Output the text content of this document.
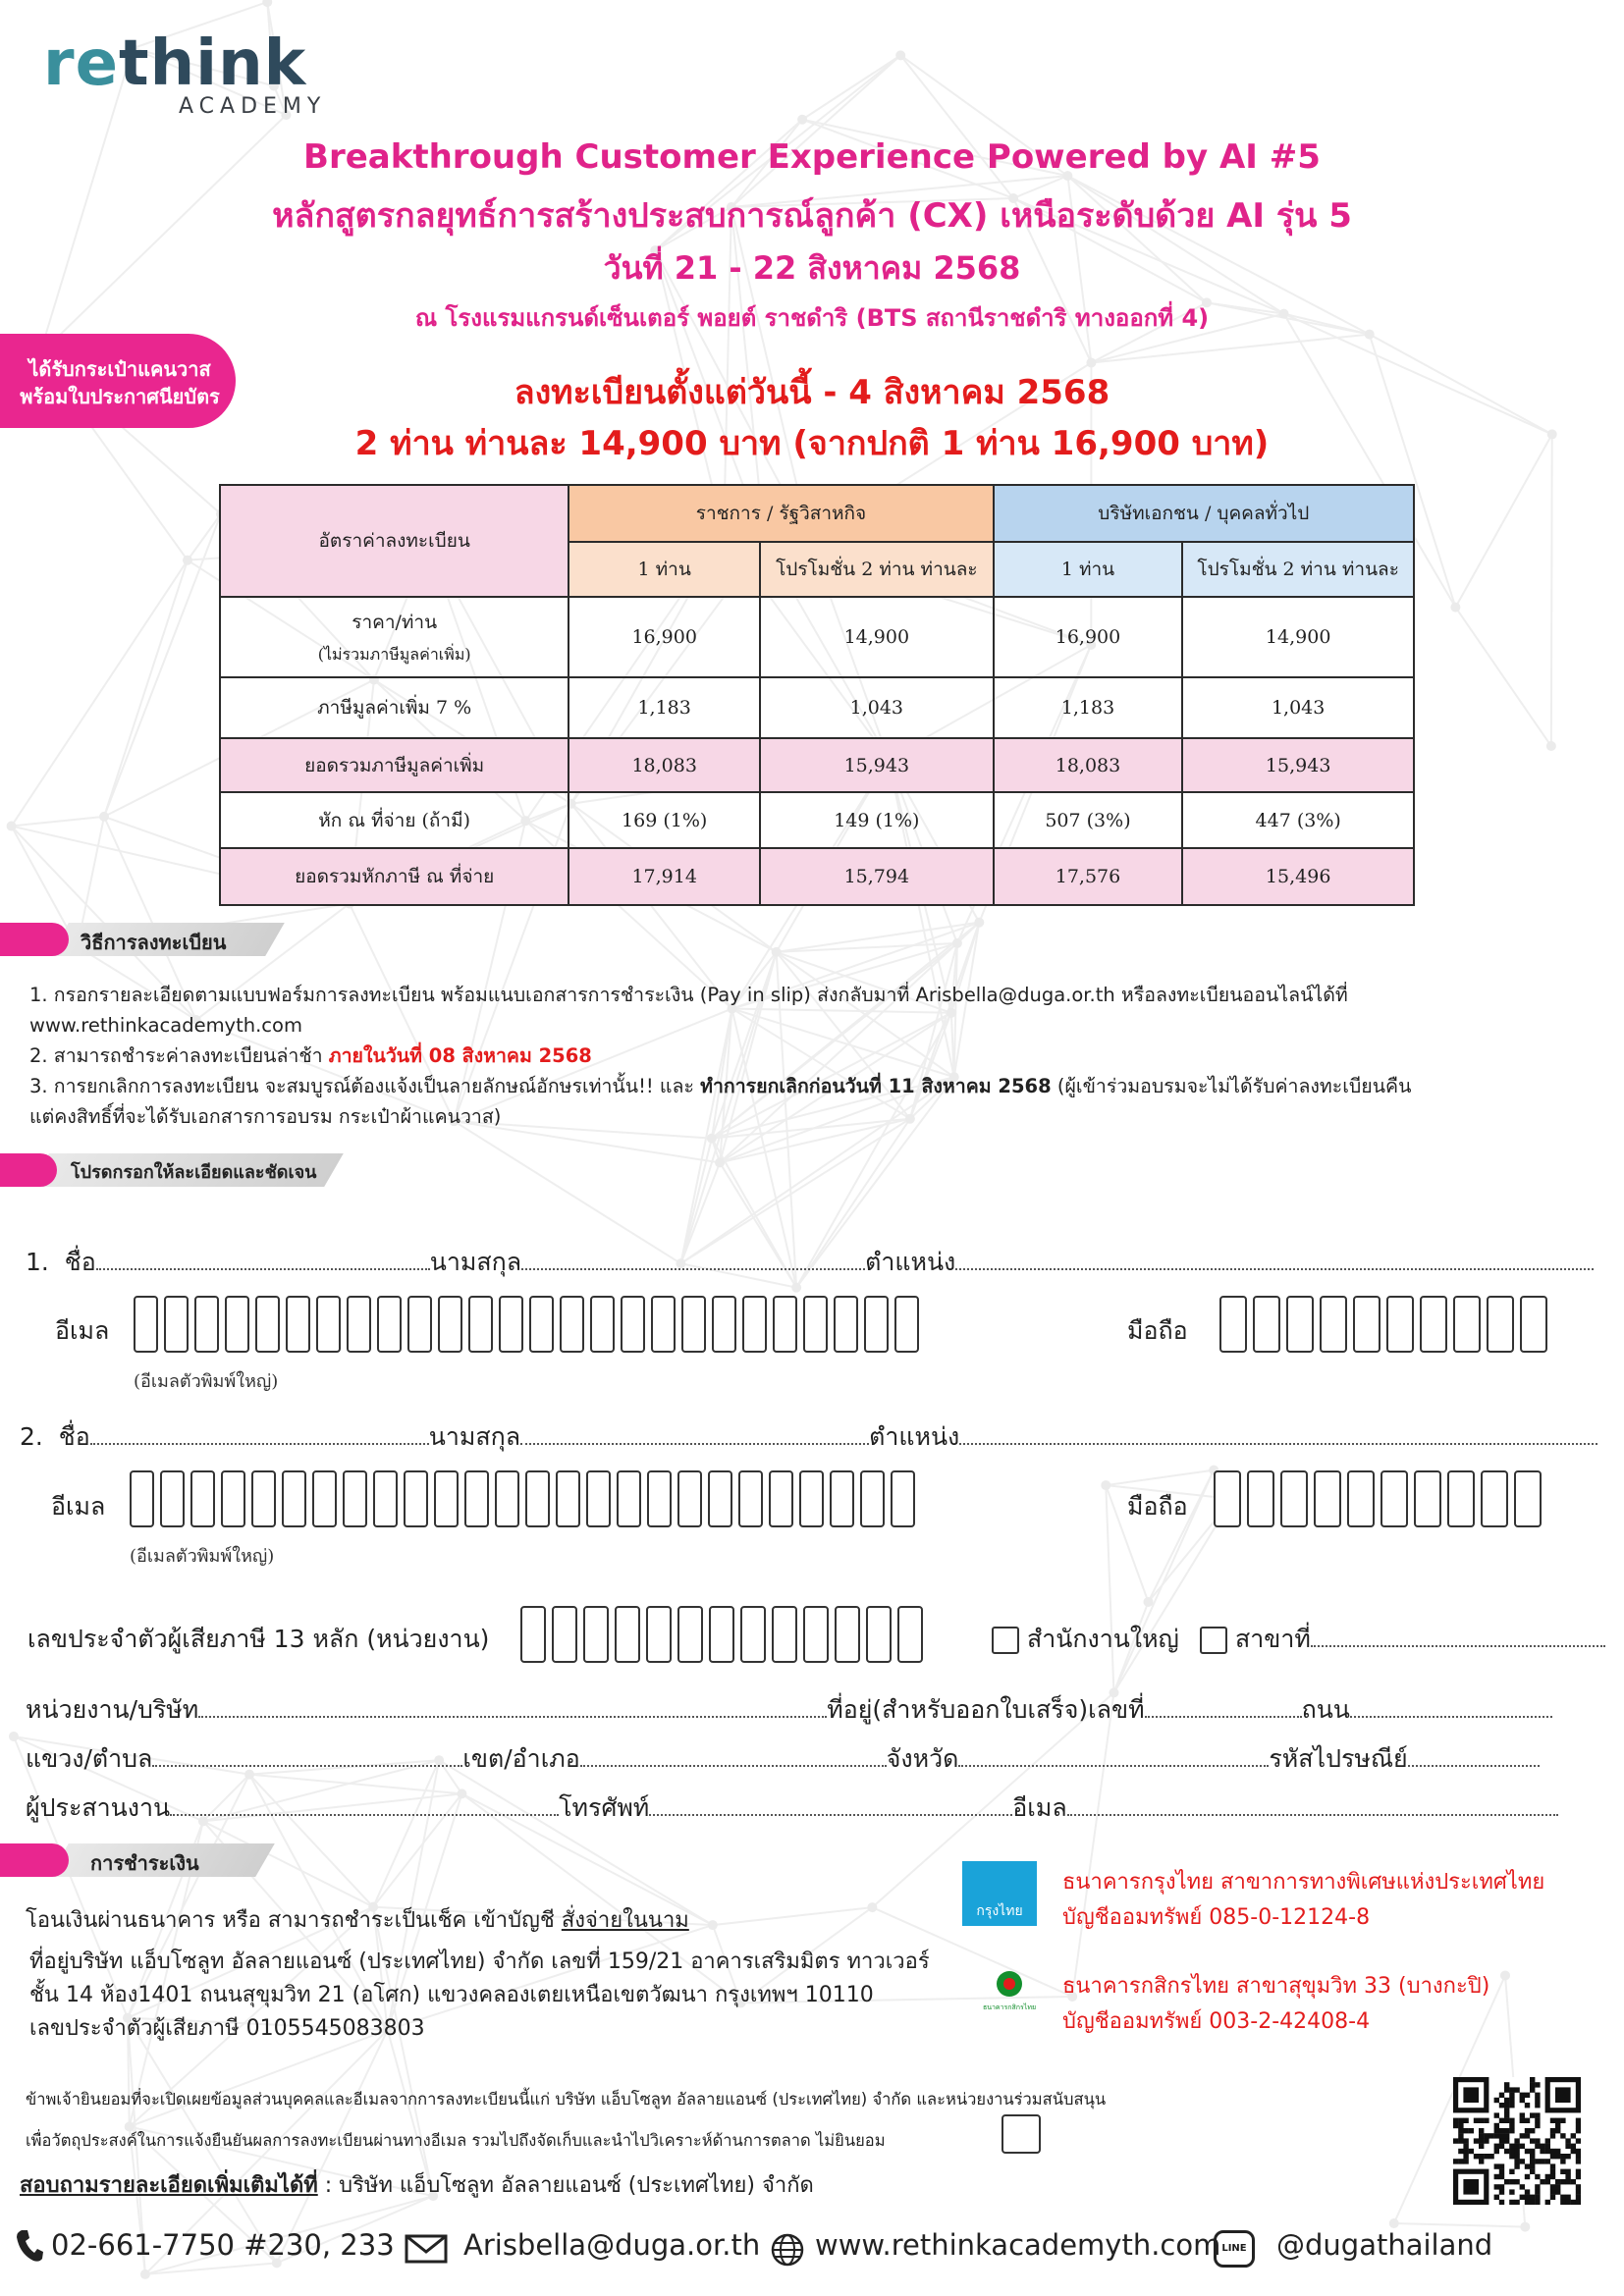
rethink
ACADEMY
Breakthrough Customer Experience Powered by AI #5
หลักสูตรกลยุทธ์การสร้างประสบการณ์ลูกค้า (CX) เหนือระดับด้วย AI รุ่น 5
วันที่ 21 - 22 สิงหาคม 2568
ณ โรงแรมแกรนด์เซ็นเตอร์ พอยต์ ราชดำริ (BTS สถานีราชดำริ ทางออกที่ 4)
ได้รับกระเป๋าแคนวาส
พร้อมใบประกาศนียบัตร	ลงทะเบียนตั้งแต่วันนี้ - 4 สิงหาคม 2568
2 ท่าน ท่านละ 14,900 บาท (จากปกติ 1 ท่าน 16,900 บาท)
อัตราค่าลงทะเบียน	ราชการ / รัฐวิสาหกิจ		บริษัทเอกชน / บุคคลทั่วไป	
	1 ท่าน	โปรโมชั่น 2 ท่าน ท่านละ	1 ท่าน	โปรโมชั่น 2 ท่าน ท่านละ

ราคา/ท่าน
(ไม่รวมภาษีมูลค่าเพิ่ม)	16,900	14,900	16,900	14,900
ภาษีมูลค่าเพิ่ม 7 %	1,183	1,043	1,183	1,043
ยอดรวมภาษีมูลค่าเพิ่ม	18,083	15,943	18,083	15,943
หัก ณ ที่จ่าย (ถ้ามี)	169 (1%)	149 (1%)	507 (3%)	447 (3%)
ยอดรวมหักภาษี ณ ที่จ่าย	17,914	15,794	17,576	15,496
วิธีการลงทะเบียน
1. กรอกรายละเอียดตามแบบฟอร์มการลงทะเบียน พร้อมแนบเอกสารการชำระเงิน (Pay in slip) ส่งกลับมาที่ Arisbella@duga.or.th หรือลงทะเบียนออนไลน์ได้ที่
www.rethinkacademyth.com
2. สามารถชำระค่าลงทะเบียนล่าช้า ภายในวันที่ 08 สิงหาคม 2568
3. การยกเลิกการลงทะเบียน จะสมบูรณ์ต้องแจ้งเป็นลายลักษณ์อักษรเท่านั้น!! และ ทำการยกเลิกก่อนวันที่ 11 สิงหาคม 2568 (ผู้เข้าร่วมอบรมจะไม่ได้รับค่าลงทะเบียนคืน
แต่คงสิทธิ์ที่จะได้รับเอกสารการอบรม กระเป๋าผ้าแคนวาส)
โปรดกรอกให้ละเอียดและชัดเจน
1. ชื่อ	นามสกุล	ตำแหน่ง
อีเมล
(อีเมลตัวพิมพ์ใหญ่)
มือถือ
2. ชื่อ	นามสกุล	ตำแหน่ง
อีเมล
(อีเมลตัวพิมพ์ใหญ่)
มือถือ
เลขประจำตัวผู้เสียภาษี 13 หลัก (หน่วยงาน)	สำนักงานใหญ่	สาขาที่
หน่วยงาน/บริษัท	ที่อยู่(สำหรับออกใบเสร็จ)เลขที่	ถนน
แขวง/ตำบล	เขต/อำเภอ	จังหวัด	รหัสไปรษณีย์
ผู้ประสานงาน	โทรศัพท์	อีเมล
การชำระเงิน
โอนเงินผ่านธนาคาร หรือ สามารถชำระเป็นเช็ค เข้าบัญชี สั่งจ่ายในนาม
ที่อยู่บริษัท แอ็บโซลูท อัลลายแอนซ์ (ประเทศไทย) จำกัด เลขที่ 159/21 อาคารเสริมมิตร ทาวเวอร์
ชั้น 14 ห้อง1401 ถนนสุขุมวิท 21 (อโศก) แขวงคลองเตยเหนือเขตวัฒนา กรุงเทพฯ 10110
เลขประจำตัวผู้เสียภาษี 0105545083803
กรุงไทย
ธนาคารกรุงไทย สาขาการทางพิเศษแห่งประเทศไทย
บัญชีออมทรัพย์ 085-0-12124-8
ธนาคารกสิกรไทย
ธนาคารกสิกรไทย สาขาสุขุมวิท 33 (บางกะปิ)
บัญชีออมทรัพย์ 003-2-42408-4
ข้าพเจ้ายินยอมที่จะเปิดเผยข้อมูลส่วนบุคคลและอีเมลจากการลงทะเบียนนี้แก่ บริษัท แอ็บโซลูท อัลลายแอนซ์ (ประเทศไทย) จำกัด และหน่วยงานร่วมสนับสนุน
เพื่อวัตถุประสงค์ในการแจ้งยืนยันผลการลงทะเบียนผ่านทางอีเมล รวมไปถึงจัดเก็บและนำไปวิเคราะห์ด้านการตลาด ไม่ยินยอม
สอบถามรายละเอียดเพิ่มเติมได้ที่ : บริษัท แอ็บโซลูท อัลลายแอนซ์ (ประเทศไทย) จำกัด
02-661-7750 #230, 233 Arisbella@duga.or.th www.rethinkacademyth.com LINE @dugathailand
